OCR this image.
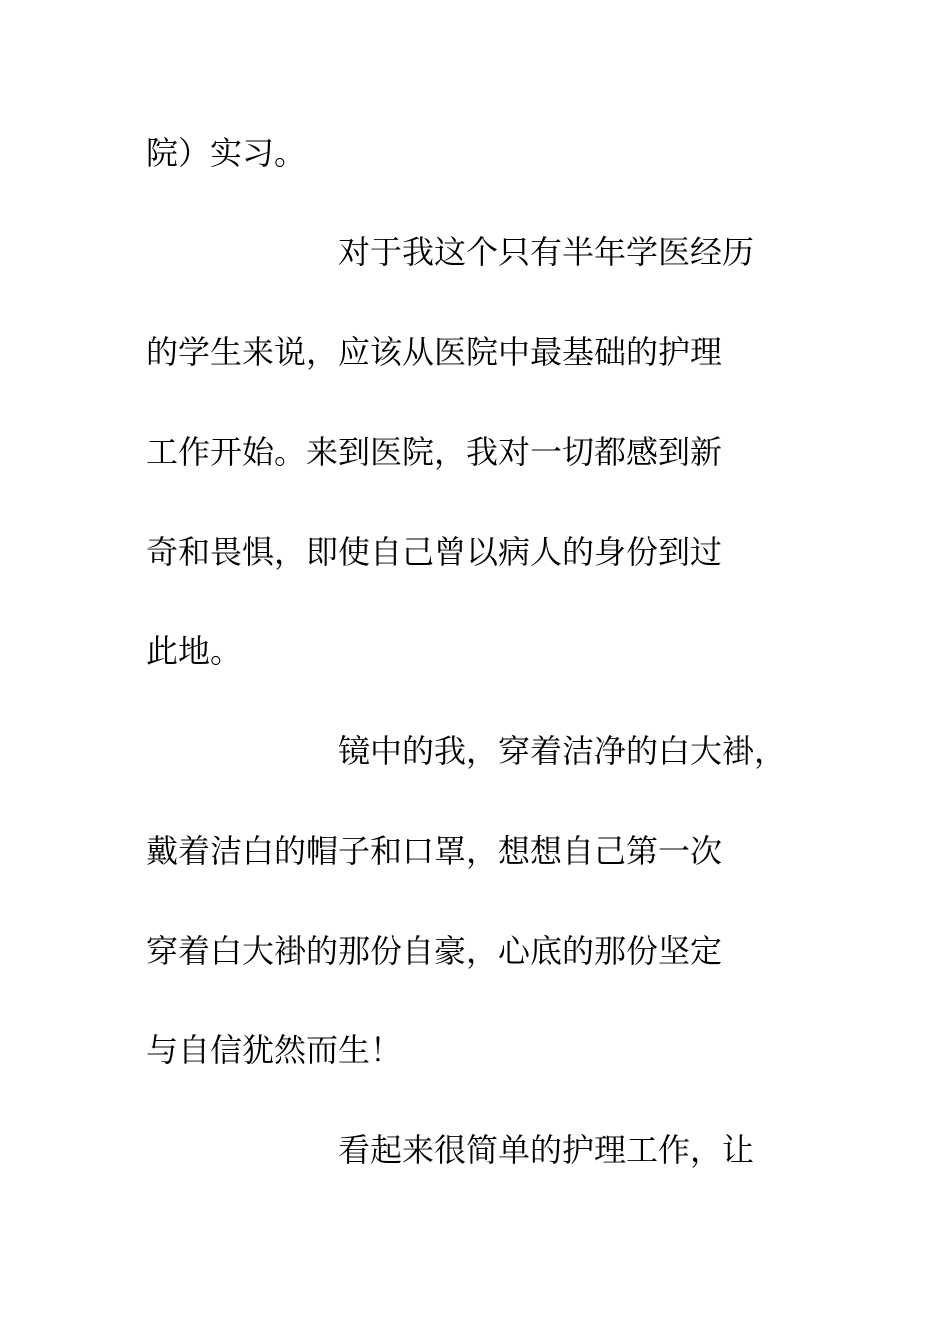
院）实习。
对于我这个只有半年学医经历
的学生来说，应该从医院中最基础的护理
工作开始。来到医院，我对一切都感到新
奇和畏惧，即使自己曾以病人的身份到过
此地。
镜中的我，穿着洁净的白大褂，
戴着洁白的帽子和口罩，想想自己第一次
穿着白大褂的那份自豪，心底的那份坚定
与自信犹然而生！
看起来很简单的护理工作，让
